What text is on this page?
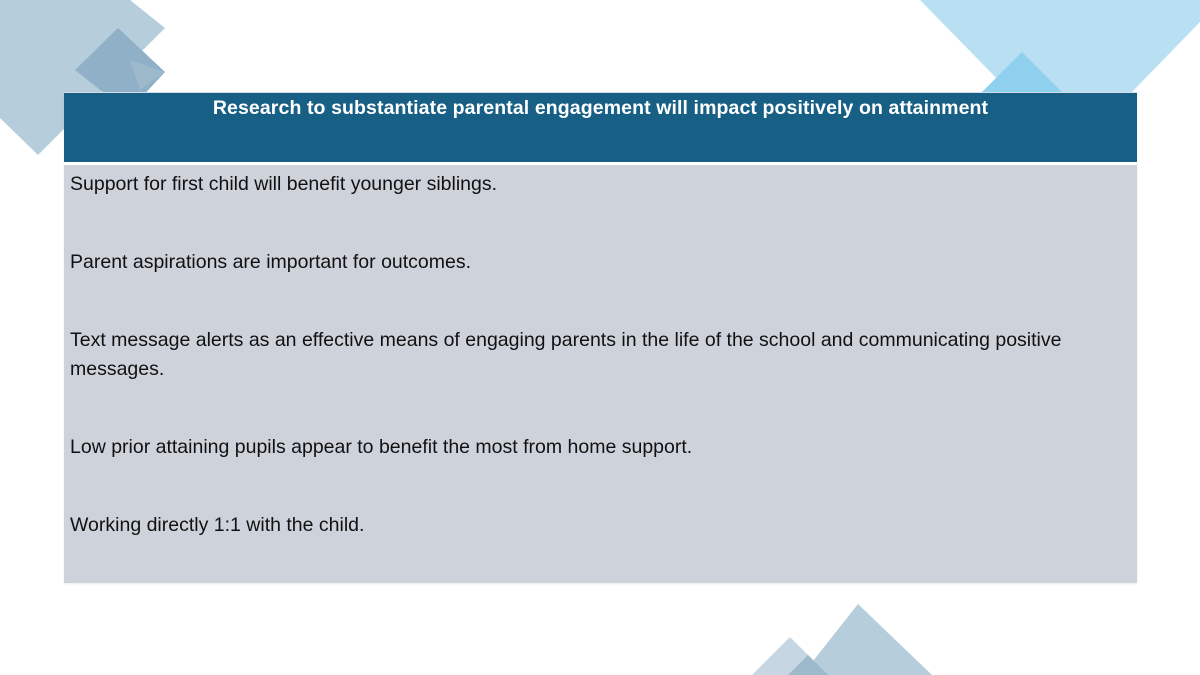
Research to substantiate parental engagement will impact positively on attainment
Support for first child will benefit younger siblings.
Parent aspirations are important for outcomes.
Text message alerts as an effective means of engaging parents in the life of the school and communicating positive messages.
Low prior attaining pupils appear to benefit the most from home support.
Working directly 1:1 with the child.
